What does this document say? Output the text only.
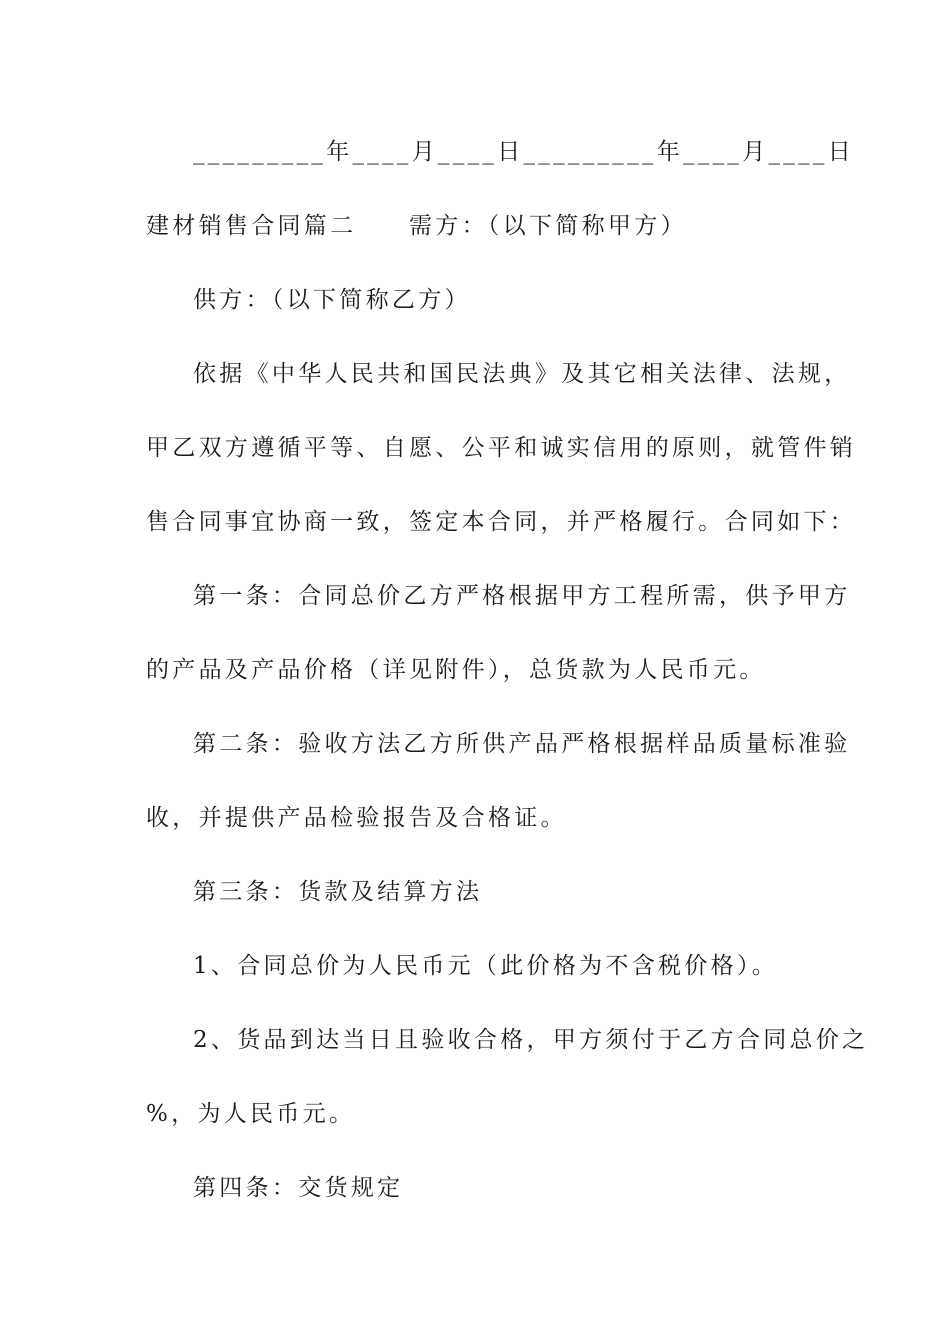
_________年____月____日_________年____月____日
建材销售合同篇二　　需方：（以下简称甲方）
供方：（以下简称乙方）
依据《中华人民共和国民法典》及其它相关法律、法规，
甲乙双方遵循平等、自愿、公平和诚实信用的原则，就管件销
售合同事宜协商一致，签定本合同，并严格履行。合同如下：
第一条：合同总价乙方严格根据甲方工程所需，供予甲方
的产品及产品价格（详见附件），总货款为人民币元。
第二条：验收方法乙方所供产品严格根据样品质量标准验
收，并提供产品检验报告及合格证。
第三条：货款及结算方法
1、合同总价为人民币元（此价格为不含税价格）。
2、货品到达当日且验收合格，甲方须付于乙方合同总价之
%，为人民币元。
第四条：交货规定
